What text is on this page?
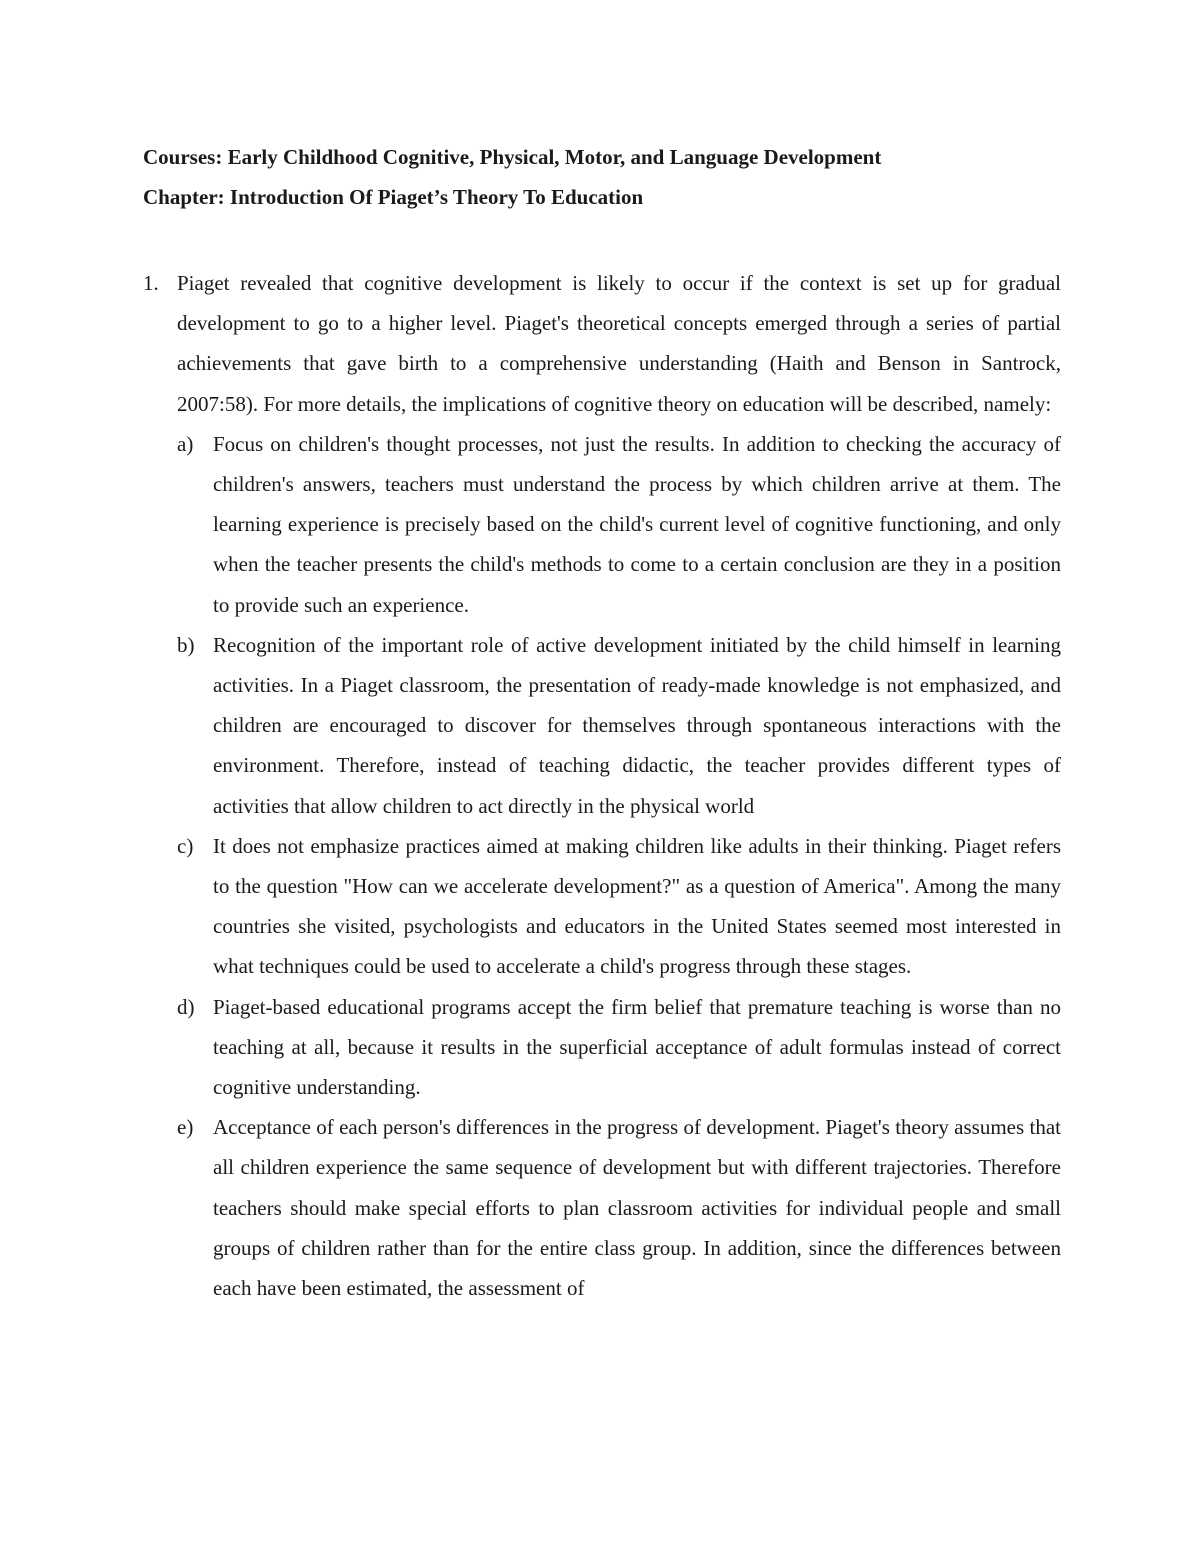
Courses: Early Childhood Cognitive, Physical, Motor, and Language Development
Chapter: Introduction Of Piaget’s Theory To Education
1. Piaget revealed that cognitive development is likely to occur if the context is set up for gradual development to go to a higher level. Piaget's theoretical concepts emerged through a series of partial achievements that gave birth to a comprehensive understanding (Haith and Benson in Santrock, 2007:58). For more details, the implications of cognitive theory on education will be described, namely:
a) Focus on children's thought processes, not just the results. In addition to checking the accuracy of children's answers, teachers must understand the process by which children arrive at them. The learning experience is precisely based on the child's current level of cognitive functioning, and only when the teacher presents the child's methods to come to a certain conclusion are they in a position to provide such an experience.
b) Recognition of the important role of active development initiated by the child himself in learning activities. In a Piaget classroom, the presentation of ready-made knowledge is not emphasized, and children are encouraged to discover for themselves through spontaneous interactions with the environment. Therefore, instead of teaching didactic, the teacher provides different types of activities that allow children to act directly in the physical world
c) It does not emphasize practices aimed at making children like adults in their thinking. Piaget refers to the question "How can we accelerate development?" as a question of America". Among the many countries she visited, psychologists and educators in the United States seemed most interested in what techniques could be used to accelerate a child's progress through these stages.
d) Piaget-based educational programs accept the firm belief that premature teaching is worse than no teaching at all, because it results in the superficial acceptance of adult formulas instead of correct cognitive understanding.
e) Acceptance of each person's differences in the progress of development. Piaget's theory assumes that all children experience the same sequence of development but with different trajectories. Therefore teachers should make special efforts to plan classroom activities for individual people and small groups of children rather than for the entire class group. In addition, since the differences between each have been estimated, the assessment of
